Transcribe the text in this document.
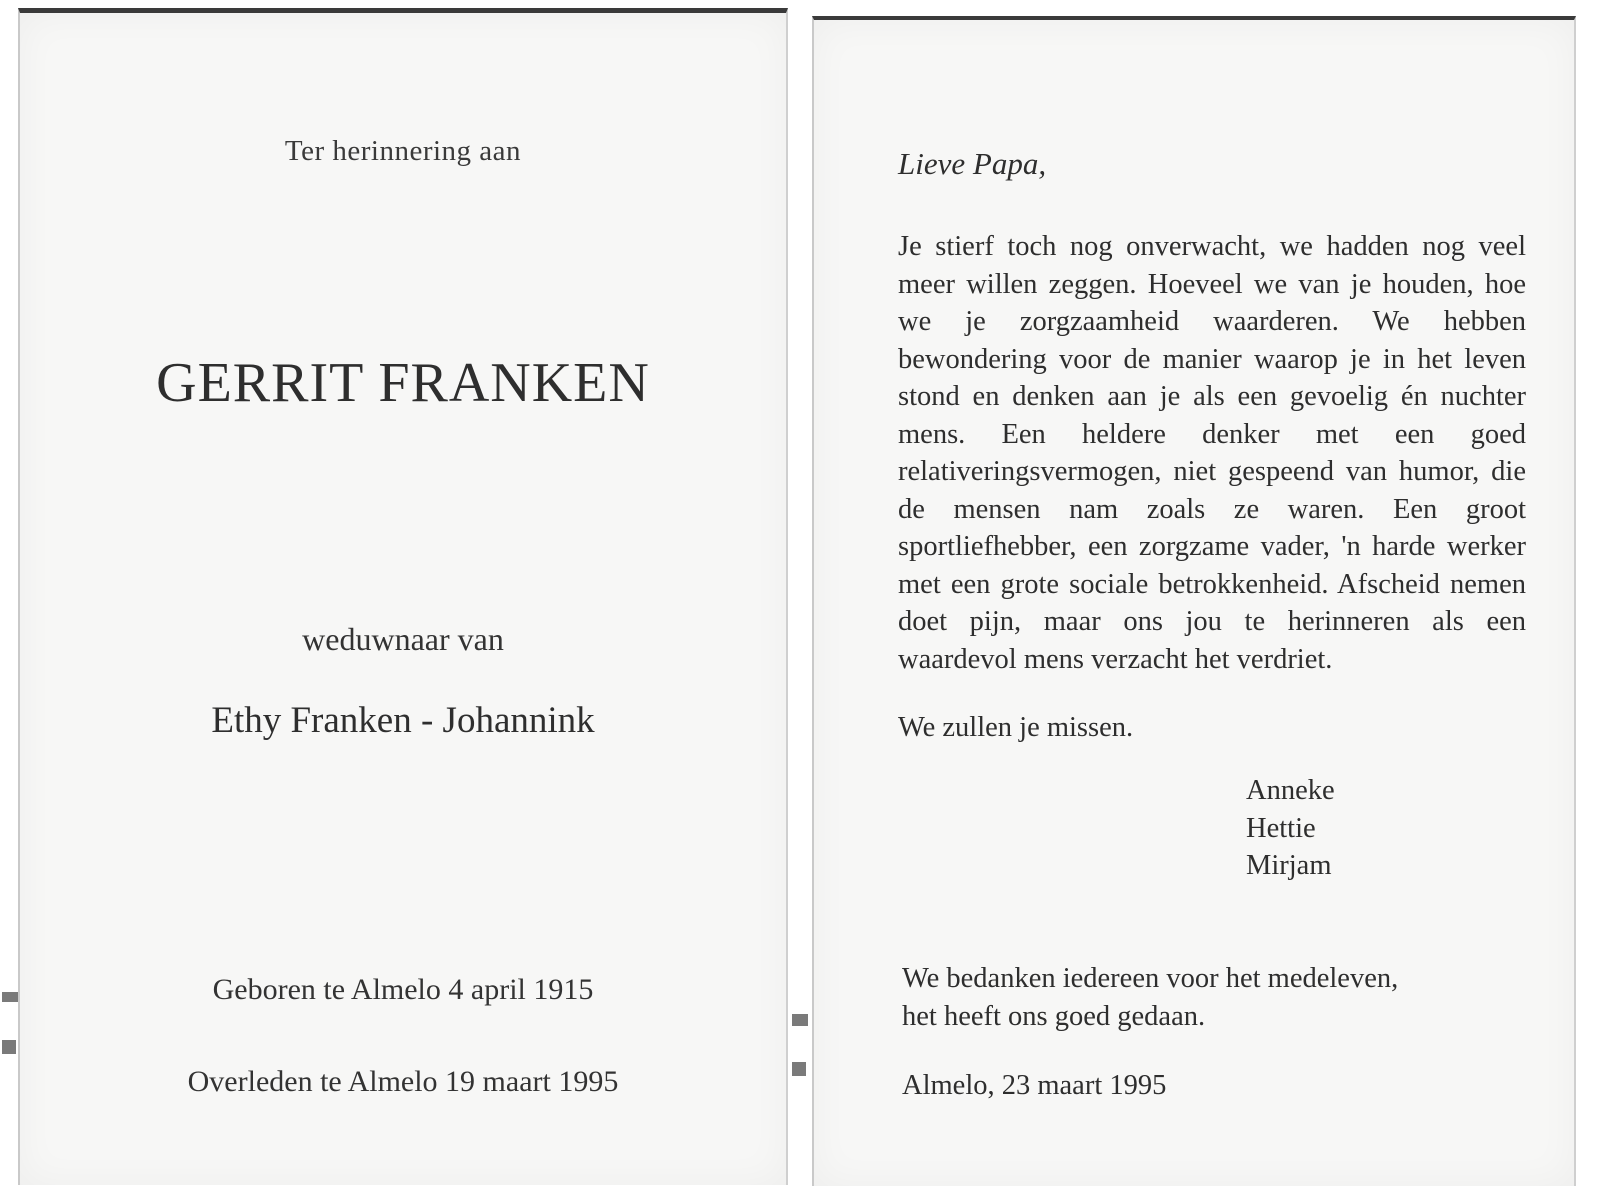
Ter herinnering aan
GERRIT FRANKEN
weduwnaar van
Ethy Franken - Johannink
Geboren te Almelo 4 april 1915
Overleden te Almelo 19 maart 1995
Lieve Papa,
Je stierf toch nog onverwacht, we hadden nog veel meer willen zeggen. Hoeveel we van je houden, hoe we je zorgzaamheid waarderen. We hebben bewondering voor de manier waarop je in het leven stond en denken aan je als een gevoelig én nuchter mens. Een heldere denker met een goed relativeringsvermogen, niet gespeend van humor, die de mensen nam zoals ze waren. Een groot sportliefhebber, een zorgzame vader, 'n harde werker met een grote sociale betrokkenheid. Afscheid nemen doet pijn, maar ons jou te herinneren als een waardevol mens verzacht het verdriet.
We zullen je missen.
Anneke
Hettie
Mirjam
We bedanken iedereen voor het medeleven,
het heeft ons goed gedaan.
Almelo, 23 maart 1995
